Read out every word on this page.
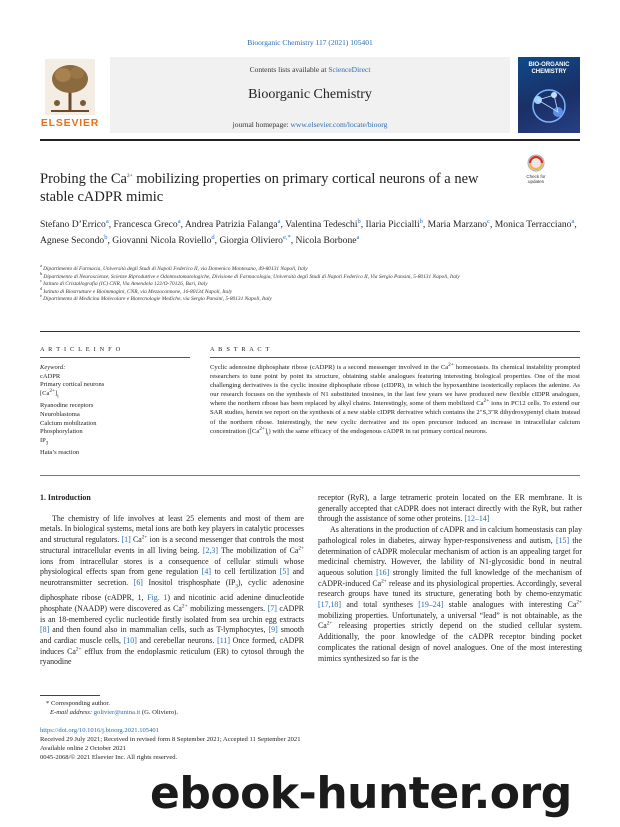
Bioorganic Chemistry 117 (2021) 105401
ELSEVIER
Contents lists available at ScienceDirect
Bioorganic Chemistry
journal homepage: www.elsevier.com/locate/bioorg
BIO-ORGANIC CHEMISTRY
Probing the $Ca^{2+}$ mobilizing properties on primary cortical neurons of a new stable cADPR mimic
Check for updates
Stefano D’Errico$^a$, Francesca Greco$^a$, Andrea Patrizia Falanga$^a$, Valentina Tedeschi$^b$, Ilaria Piccialli$^b$, Maria Marzano$^c$, Monica Terracciano$^a$, Agnese Secondo$^b$, Giovanni Nicola Roviello$^d$, Giorgia Oliviero$^{e,*}$, Nicola Borbone$^a$
$^a$ Dipartimento di Farmacia, Università degli Studi di Napoli Federico II, via Domenico Montesano, 49-80131 Napoli, Italy
$^b$ Dipartimento di Neuroscienze, Scienze Riproduttive e Odontostomatologiche, Divisione di Farmacologia, Università degli Studi di Napoli Federico II, Via Sergio Pansini, 5-80131 Napoli, Italy
$^c$ Istituto di Cristallografia (IC) CNR, Via Amendola 122/O-70126, Bari, Italy
$^d$ Istituto di Biostrutture e Bioimmagini, CNR, via Mezzocannone, 16-80134 Napoli, Italy
$^e$ Dipartimento di Medicina Molecolare e Biotecnologie Mediche, via Sergio Pansini, 5-80131 Napoli, Italy
A R T I C L E I N F O
Keyword:
cADPR
Primary cortical neurons
$[Ca^{2+}]_i$
Ryanodine receptors
Neuroblastoma
Calcium mobilization
Phosphorylation
$IP_3$
Hata’s reaction
A B S T R A C T
Cyclic adenosine diphosphate ribose (cADPR) is a second messenger involved in the $Ca^{2+}$ homeostasis. Its chemical instability prompted researchers to tune point by point its structure, obtaining stable analogues featuring interesting biological properties. One of the most challenging derivatives is the cyclic inosine diphosphate ribose (cIDPR), in which the hypoxanthine isosterically replaces the adenine. As our research focuses on the synthesis of N1 substituted inosines, in the last few years we have produced new flexible cIDPR analogues, where the northern ribose has been replaced by alkyl chains. Interestingly, some of them mobilized $Ca^{2+}$ ions in PC12 cells. To extend our SAR studies, herein we report on the synthesis of a new stable cIDPR derivative which contains the 2″S,3″R dihydroxypentyl chain instead of the northern ribose. Interestingly, the new cyclic derivative and its open precursor induced an increase in intracellular calcium concentration $([Ca^{2+}]_i)$ with the same efficacy of the endogenous cADPR in rat primary cortical neurons.
1. Introduction

The chemistry of life involves at least 25 elements and most of them are metals. In biological systems, metal ions are both key players in catalytic processes and structural regulators. [1] $Ca^{2+}$ ion is a second messenger that controls the most structural intracellular events in all living being. [2,3] The mobilization of $Ca^{2+}$ ions from intracellular stores is a consequence of cellular stimuli whose physiological effects span from gene regulation [4] to cell fertilization [5] and neurotransmitter secretion. [6] Inositol trisphosphate $(IP_3)$, cyclic adenosine diphosphate ribose (cADPR, 1, Fig. 1) and nicotinic acid adenine dinucleotide phosphate (NAADP) were discovered as $Ca^{2+}$ mobilizing messengers. [7] cADPR is an 18-membered cyclic nucleotide firstly isolated from sea urchin egg extracts [8] and then found also in mammalian cells, such as T-lymphocytes, [9] smooth and cardiac muscle cells, [10] and cerebellar neurons. [11] Once formed, cADPR induces $Ca^{2+}$ efflux from the endoplasmic reticulum (ER) to cytosol through the ryanodine

receptor (RyR), a large tetrameric protein located on the ER membrane. It is generally accepted that cADPR does not interact directly with the RyR, but rather through the assistance of some other proteins. [12–14]

As alterations in the production of cADPR and in calcium homeostasis can play pathological roles in diabetes, airway hyper-responsiveness and autism, [15] the determination of cADPR molecular mechanism of action is an appealing target for medicinal chemistry. However, the lability of N1-glycosidic bond in neutral aqueous solution [16] strongly limited the full knowledge of the mechanism of cADPR-induced $Ca^{2+}$ release and its physiological properties. Accordingly, several research groups have tuned its structure, generating both by chemo-enzymatic [17,18] and total syntheses [19–24] stable analogues with interesting $Ca^{2+}$ mobilizing properties. Unfortunately, a universal “lead” is not obtainable, as the $Ca^{2+}$ releasing properties strictly depend on the studied cellular system. Additionally, the poor knowledge of the cADPR receptor binding pocket complicates the rational design of novel analogues. One of the most interesting mimics synthesized so far is the

* Corresponding author.
E-mail address: golivier@unina.it (G. Oliviero).
https://doi.org/10.1016/j.bioorg.2021.105401
Received 29 July 2021; Received in revised form 8 September 2021; Accepted 11 September 2021
Available online 2 October 2021
0045-2068/© 2021 Elsevier Inc. All rights reserved.
ebook-hunter.org
